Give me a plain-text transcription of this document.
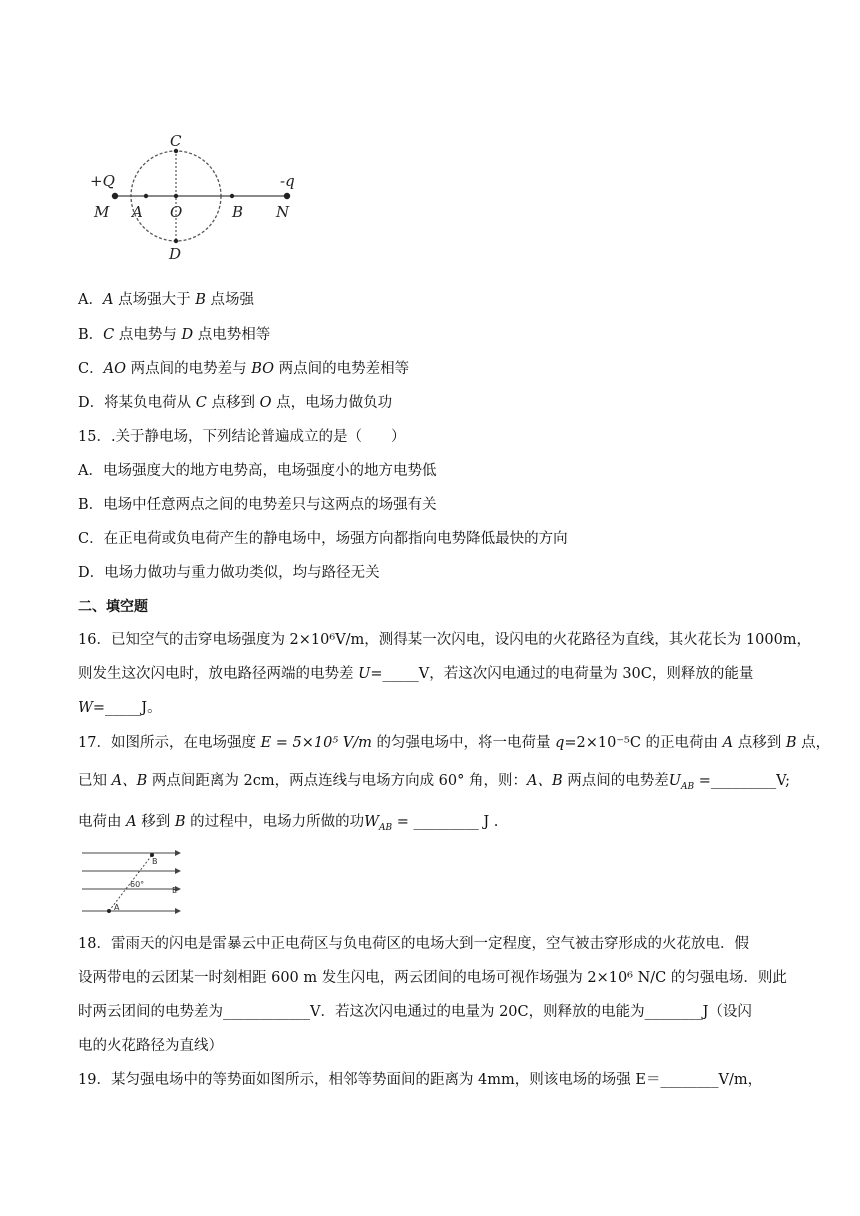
C
D
+Q	-q
M A O	B N
A．A 点场强大于 B 点场强
B．C 点电势与 D 点电势相等
C．AO 两点间的电势差与 BO 两点间的电势差相等
D．将某负电荷从 C 点移到 O 点，电场力做负功
15．.关于静电场，下列结论普遍成立的是（　　）
A．电场强度大的地方电势高，电场强度小的地方电势低
B．电场中任意两点之间的电势差只与这两点的场强有关
C．在正电荷或负电荷产生的静电场中，场强方向都指向电势降低最快的方向
D．电场力做功与重力做功类似，均与路径无关
二、填空题
16．已知空气的击穿电场强度为 2×10⁶V/m，测得某一次闪电，设闪电的火花路径为直线，其火花长为 1000m，
则发生这次闪电时，放电路径两端的电势差 U=_____V，若这次闪电通过的电荷量为 30C，则释放的能量
W=_____J。
17．如图所示，在电场强度 E = 5×10⁵ V/m 的匀强电场中，将一电荷量 q=2×10⁻⁵C 的正电荷由 A 点移到 B 点，
已知 A、B 两点间距离为 2cm，两点连线与电场方向成 60° 角，则：A、B 两点间的电势差$U_{AB}$ =_________V;
电荷由 A 移到 B 的过程中，电场力所做的功$W_{AB}$ = _________ J .
B
A
60°
E
18．雷雨天的闪电是雷暴云中正电荷区与负电荷区的电场大到一定程度，空气被击穿形成的火花放电．假
设两带电的云团某一时刻相距 600 m 发生闪电，两云团间的电场可视作场强为 2×10⁶ N/C 的匀强电场．则此
时两云团间的电势差为____________V．若这次闪电通过的电量为 20C，则释放的电能为________J（设闪
电的火花路径为直线）
19．某匀强电场中的等势面如图所示，相邻等势面间的距离为 4mm，则该电场的场强 E＝________V/m，
